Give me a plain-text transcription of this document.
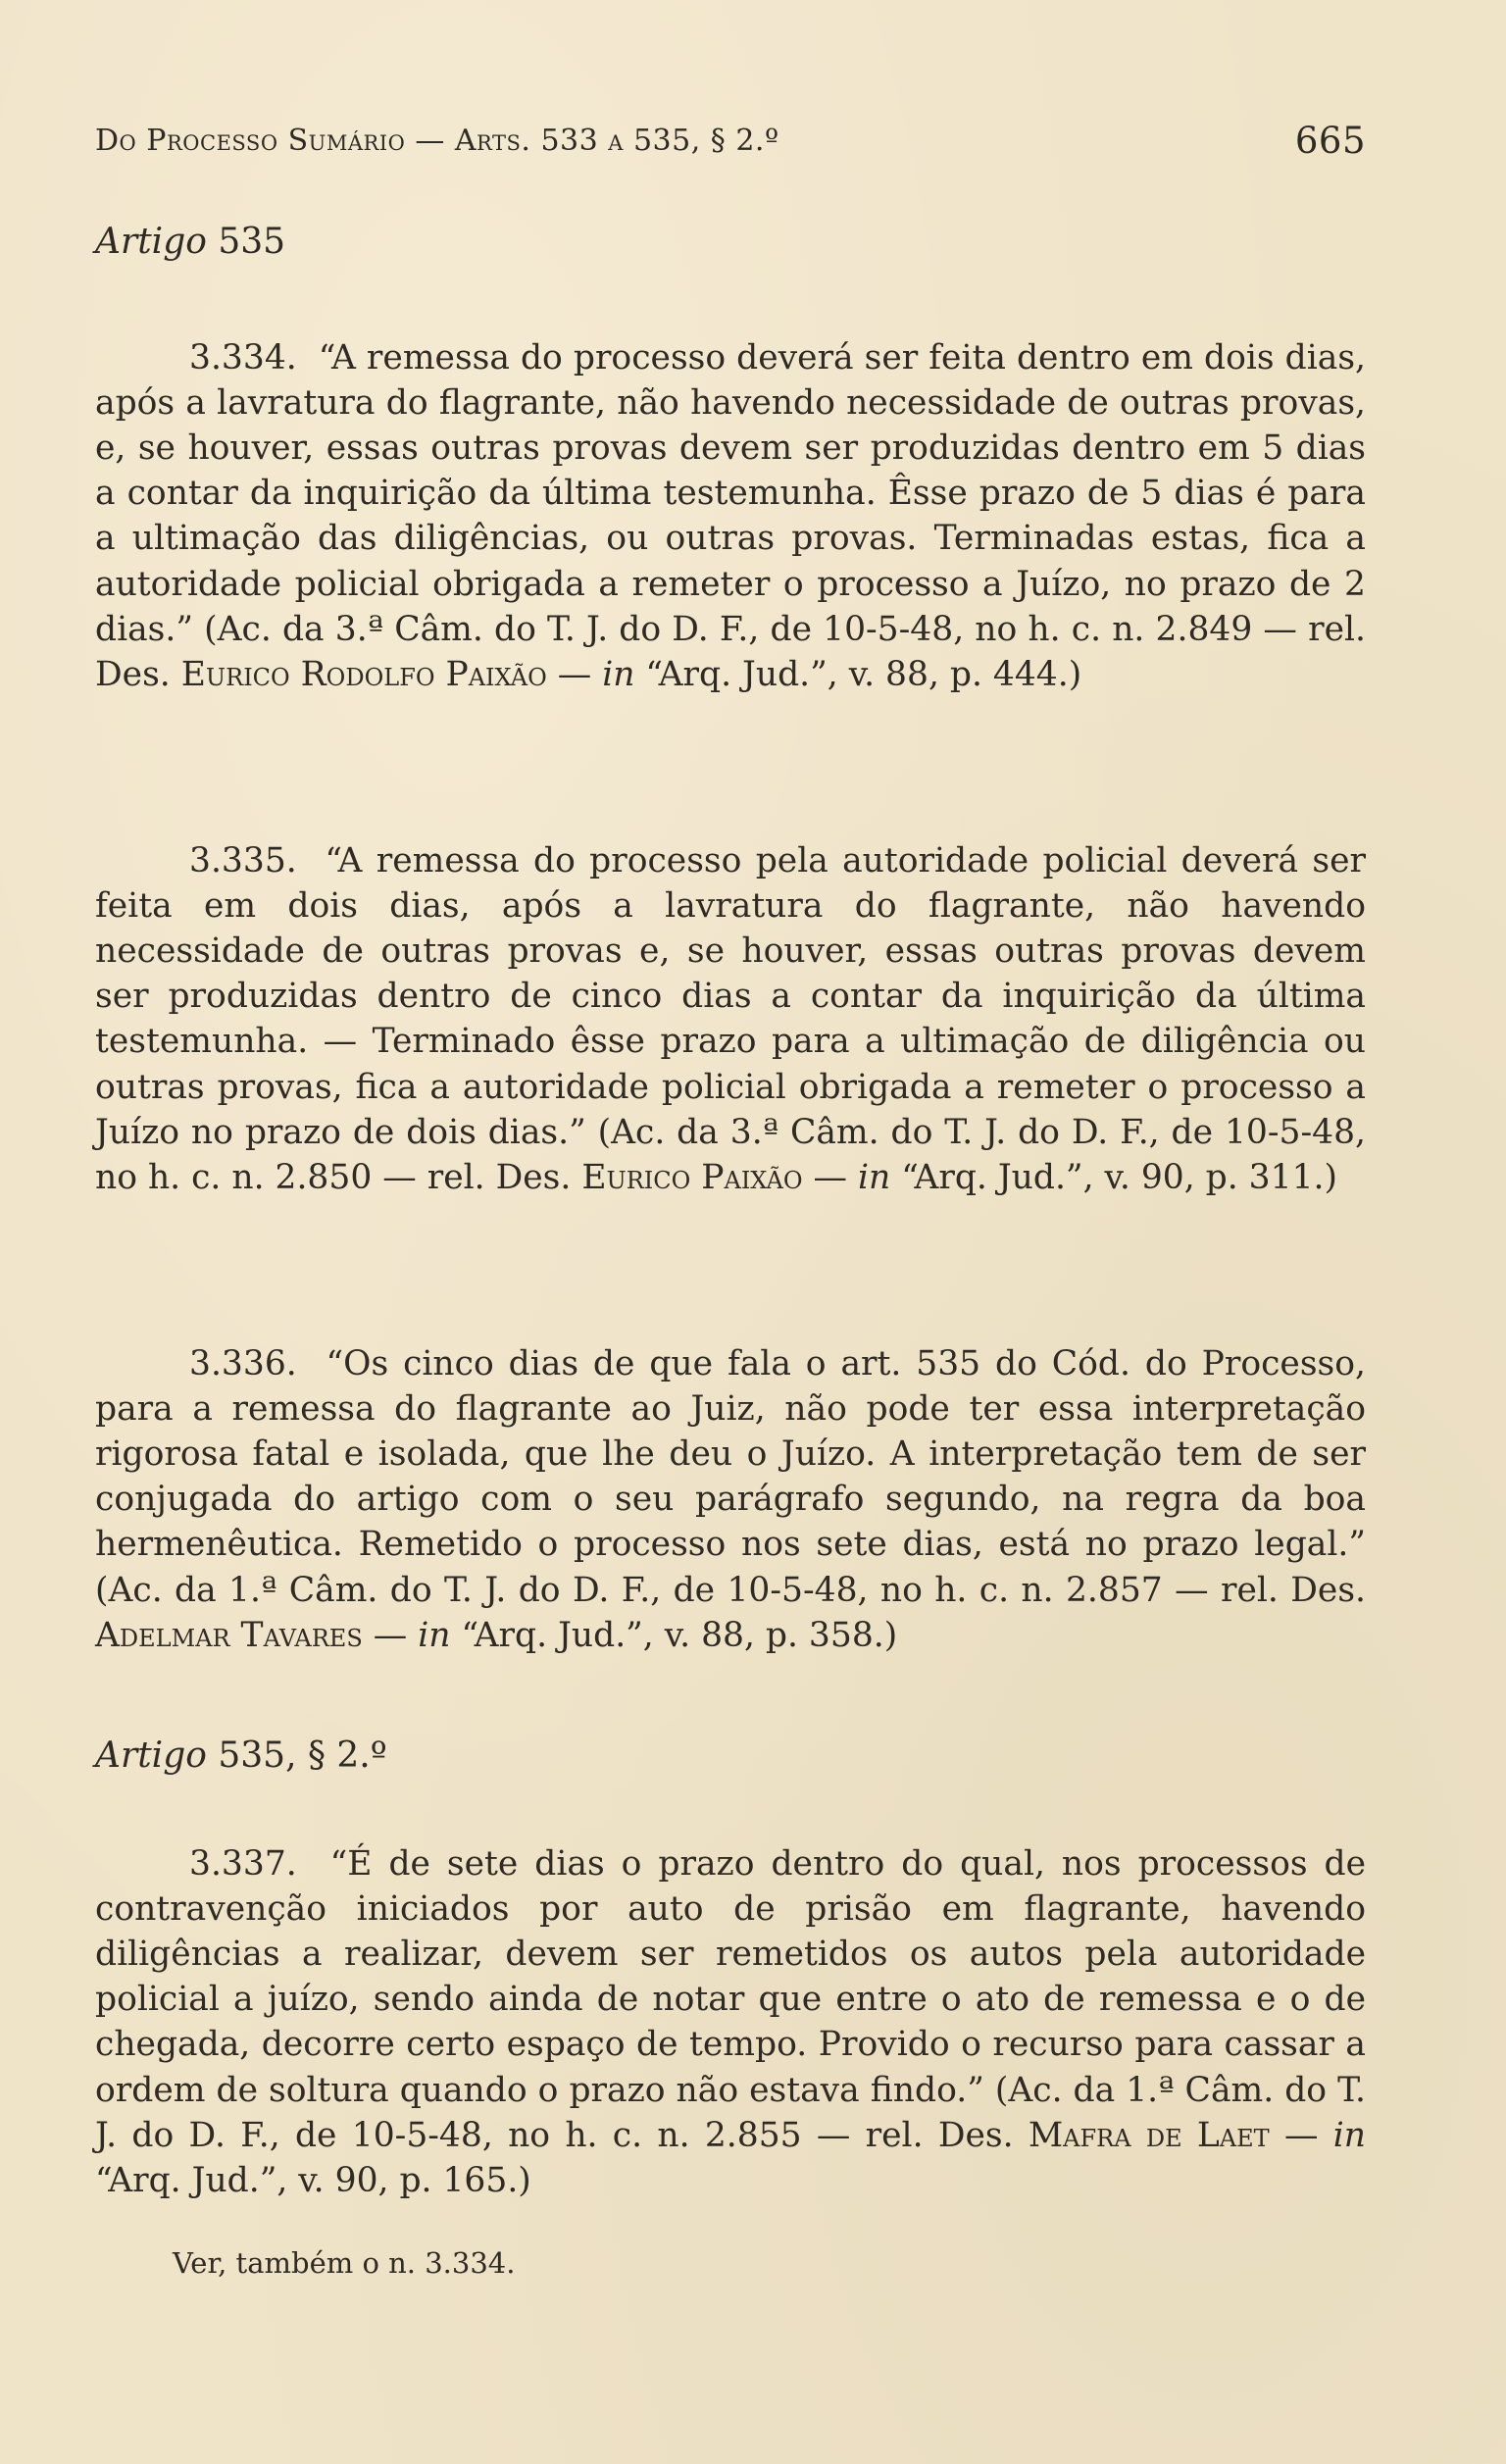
Do Processo Sumário — Arts. 533 a 535, § 2.º	665
Artigo 535

3.334. “A remessa do processo deverá ser feita dentro em dois dias, após a lavratura do flagrante, não havendo necessidade de outras provas, e, se houver, essas outras provas devem ser produzidas dentro em 5 dias a contar da inquirição da última testemunha. Êsse prazo de 5 dias é para a ultimação das diligências, ou outras provas. Terminadas estas, fica a autoridade policial obrigada a remeter o processo a Juízo, no prazo de 2 dias.” (Ac. da 3.ª Câm. do T. J. do D. F., de 10-5-48, no h. c. n. 2.849 — rel. Des. Eurico Rodolfo Paixão — in “Arq. Jud.”, v. 88, p. 444.)

3.335. “A remessa do processo pela autoridade policial deverá ser feita em dois dias, após a lavratura do flagrante, não havendo necessidade de outras provas e, se houver, essas outras provas devem ser produzidas dentro de cinco dias a contar da inquirição da última testemunha. — Terminado êsse prazo para a ultimação de diligência ou outras provas, fica a autoridade policial obrigada a remeter o processo a Juízo no prazo de dois dias.” (Ac. da 3.ª Câm. do T. J. do D. F., de 10-5-48, no h. c. n. 2.850 — rel. Des. Eurico Paixão — in “Arq. Jud.”, v. 90, p. 311.)

3.336. “Os cinco dias de que fala o art. 535 do Cód. do Processo, para a remessa do flagrante ao Juiz, não pode ter essa interpretação rigorosa fatal e isolada, que lhe deu o Juízo. A interpretação tem de ser conjugada do artigo com o seu parágrafo segundo, na regra da boa hermenêutica. Remetido o processo nos sete dias, está no prazo legal.” (Ac. da 1.ª Câm. do T. J. do D. F., de 10-5-48, no h. c. n. 2.857 — rel. Des. Adelmar Tavares — in “Arq. Jud.”, v. 88, p. 358.)

Artigo 535, § 2.º

3.337. “É de sete dias o prazo dentro do qual, nos processos de contravenção iniciados por auto de prisão em flagrante, havendo diligências a realizar, devem ser remetidos os autos pela autoridade policial a juízo, sendo ainda de notar que entre o ato de remessa e o de chegada, decorre certo espaço de tempo. Provido o recurso para cassar a ordem de soltura quando o prazo não estava findo.” (Ac. da 1.ª Câm. do T. J. do D. F., de 10-5-48, no h. c. n. 2.855 — rel. Des. Mafra de Laet — in “Arq. Jud.”, v. 90, p. 165.)

Ver, também o n. 3.334.
